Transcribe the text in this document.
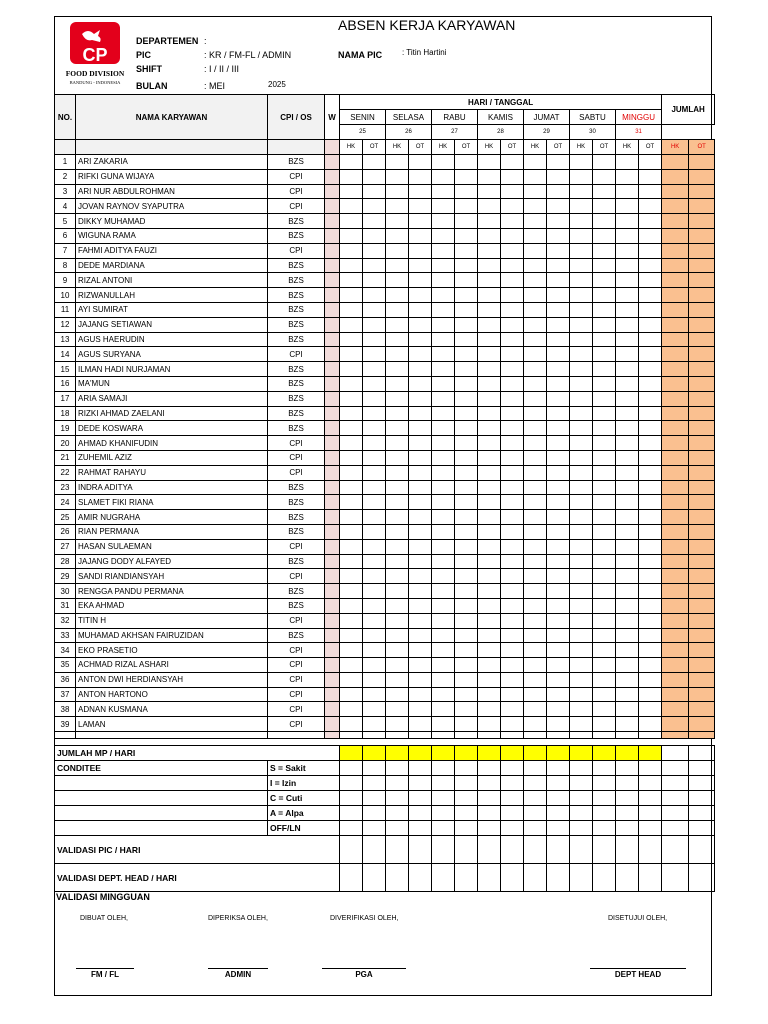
CP
FOOD DIVISION
BANDUNG - INDONESIA
ABSEN KERJA KARYAWAN
DEPARTEMEN :
PIC	: KR / FM-FL / ADMIN	NAMA PIC : Titin Hartini
SHIFT	: I / II / III
BULAN	: MEI	2025
NO.	NAMA KARYAWAN	CPI / OS	W	HARI / TANGGAL														JUMLAH	
				SENIN		SELASA		RABU		KAMIS		JUMAT		SABTU		MINGGU			
				25		26		27		28		29		30		31			
				HK	OT	HK	OT	HK	OT	HK	OT	HK	OT	HK	OT	HK	OT	HK	OT
1	ARI ZAKARIA	BZS																	
2	RIFKI GUNA WIJAYA	CPI																	
3	ARI NUR ABDULROHMAN	CPI																	
4	JOVAN RAYNOV SYAPUTRA	CPI																	
5	DIKKY MUHAMAD	BZS																	
6	WIGUNA RAMA	BZS																	
7	FAHMI ADITYA FAUZI	CPI																	
8	DEDE MARDIANA	BZS																	
9	RIZAL ANTONI	BZS																	
10	RIZWANULLAH	BZS																	
11	AYI SUMIRAT	BZS																	
12	JAJANG SETIAWAN	BZS																	
13	AGUS HAERUDIN	BZS																	
14	AGUS SURYANA	CPI																	
15	ILMAN HADI NURJAMAN	BZS																	
16	MA'MUN	BZS																	
17	ARIA SAMAJI	BZS																	
18	RIZKI AHMAD ZAELANI	BZS																	
19	DEDE KOSWARA	BZS																	
20	AHMAD KHANIFUDIN	CPI																	
21	ZUHEMIL AZIZ	CPI																	
22	RAHMAT RAHAYU	CPI																	
23	INDRA ADITYA	BZS																	
24	SLAMET FIKI RIANA	BZS																	
25	AMIR NUGRAHA	BZS																	
26	RIAN PERMANA	BZS																	
27	HASAN SULAEMAN	CPI																	
28	JAJANG DODY ALFAYED	BZS																	
29	SANDI RIANDIANSYAH	CPI																	
30	RENGGA PANDU PERMANA	BZS																	
31	EKA AHMAD	BZS																	
32	TITIN H	CPI																	
33	MUHAMAD AKHSAN FAIRUZIDAN	BZS																	
34	EKO PRASETIO	CPI																	
35	ACHMAD RIZAL ASHARI	CPI																	
36	ANTON DWI HERDIANSYAH	CPI																	
37	ANTON HARTONO	CPI																	
38	ADNAN KUSMANA	CPI																	
39	LAMAN	CPI																	

JUMLAH MP / HARI																	
CONDITEE	S = Sakit																
	I = Izin																
	C = Cuti																
	A = Alpa																
	OFF/LN																
VALIDASI PIC / HARI																	
VALIDASI DEPT. HEAD / HARI																	
VALIDASI MINGGUAN
DIBUAT OLEH,
FM / FL
DIPERIKSA OLEH,
ADMIN
DIVERIFIKASI OLEH,
PGA
DISETUJUI OLEH,
DEPT HEAD
